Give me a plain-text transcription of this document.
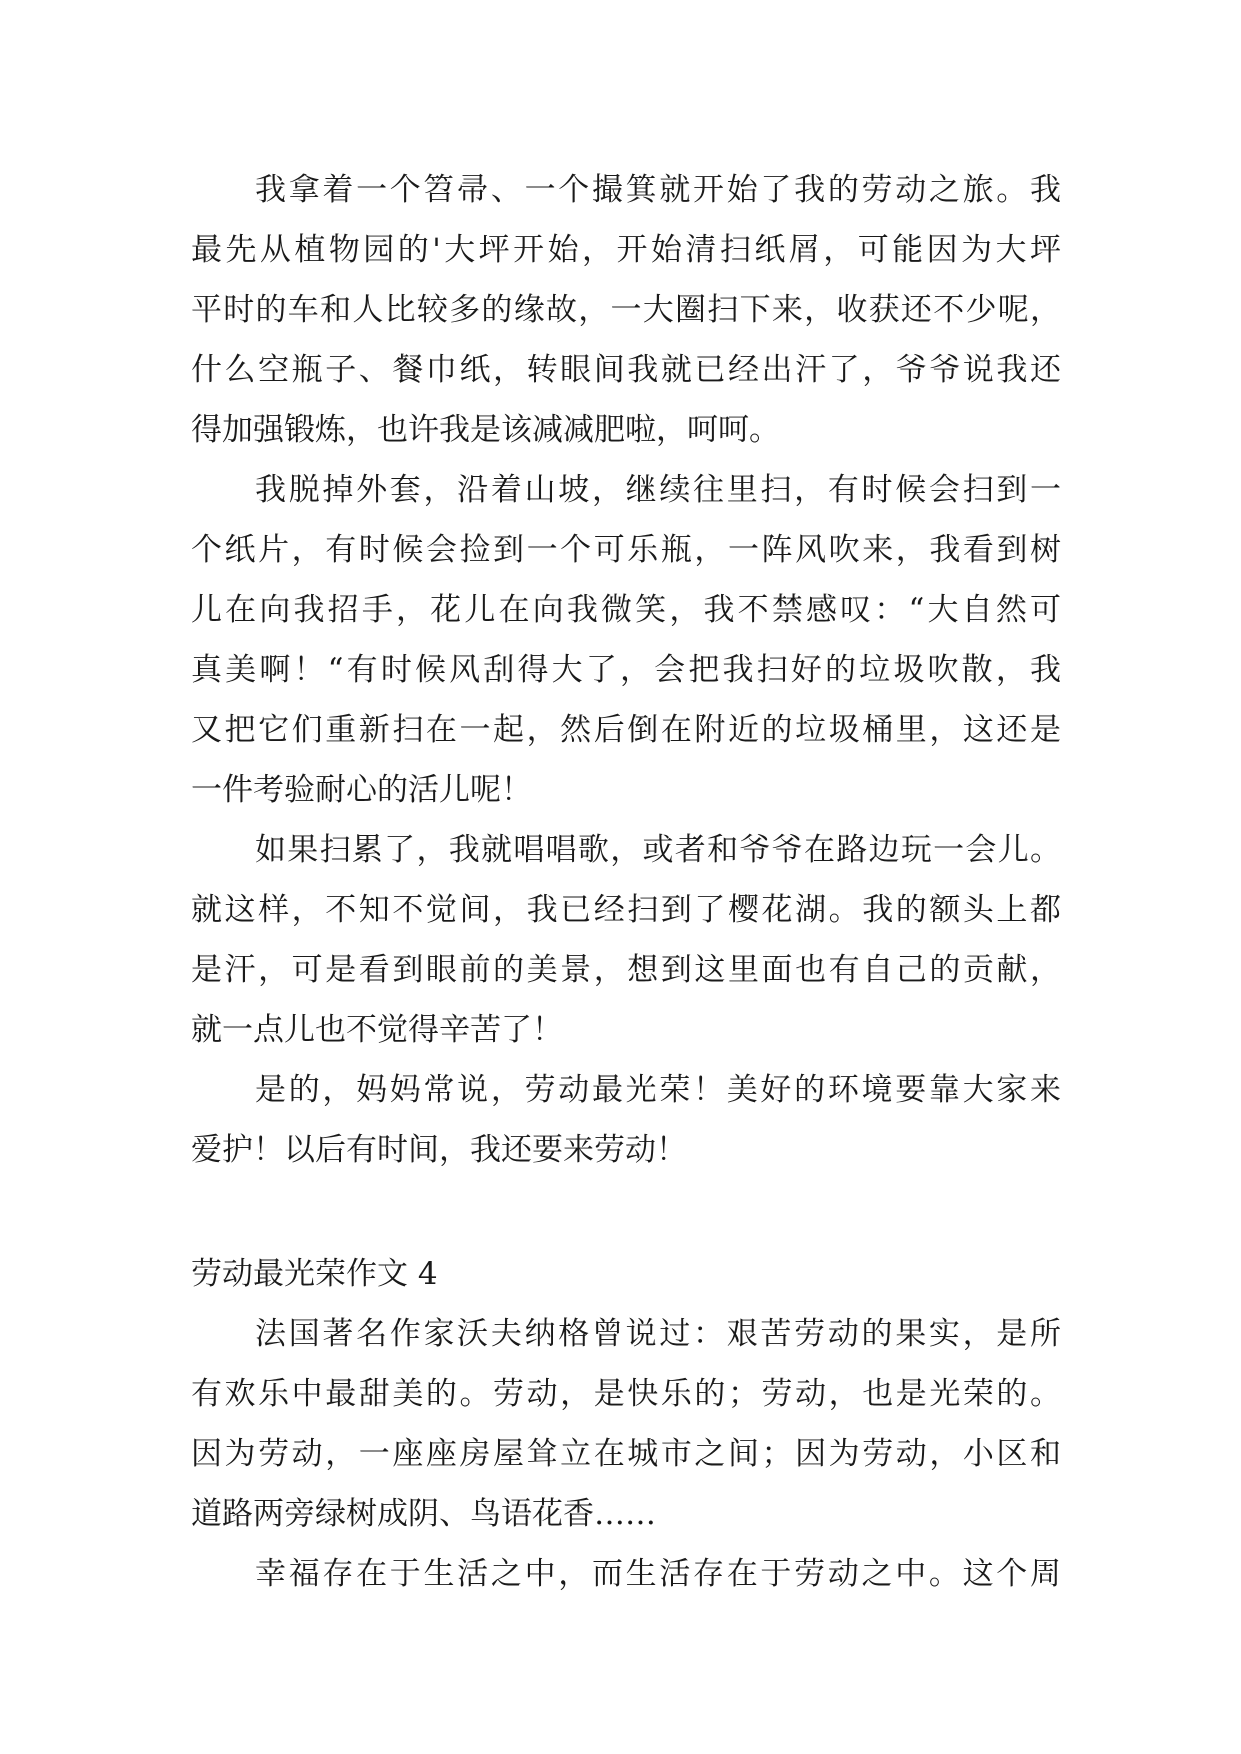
我拿着一个笤帚、一个撮箕就开始了我的劳动之旅。我
最先从植物园的'大坪开始，开始清扫纸屑，可能因为大坪
平时的车和人比较多的缘故，一大圈扫下来，收获还不少呢，
什么空瓶子、餐巾纸，转眼间我就已经出汗了，爷爷说我还
得加强锻炼，也许我是该减减肥啦，呵呵。
我脱掉外套，沿着山坡，继续往里扫，有时候会扫到一
个纸片，有时候会捡到一个可乐瓶，一阵风吹来，我看到树
儿在向我招手，花儿在向我微笑，我不禁感叹：“大自然可
真美啊！“有时候风刮得大了，会把我扫好的垃圾吹散，我
又把它们重新扫在一起，然后倒在附近的垃圾桶里，这还是
一件考验耐心的活儿呢！
如果扫累了，我就唱唱歌，或者和爷爷在路边玩一会儿。
就这样，不知不觉间，我已经扫到了樱花湖。我的额头上都
是汗，可是看到眼前的美景，想到这里面也有自己的贡献，
就一点儿也不觉得辛苦了！
是的，妈妈常说，劳动最光荣！美好的环境要靠大家来
爱护！以后有时间，我还要来劳动！
劳动最光荣作文 4
法国著名作家沃夫纳格曾说过：艰苦劳动的果实，是所
有欢乐中最甜美的。劳动，是快乐的；劳动，也是光荣的。
因为劳动，一座座房屋耸立在城市之间；因为劳动，小区和
道路两旁绿树成阴、鸟语花香……
幸福存在于生活之中，而生活存在于劳动之中。这个周
